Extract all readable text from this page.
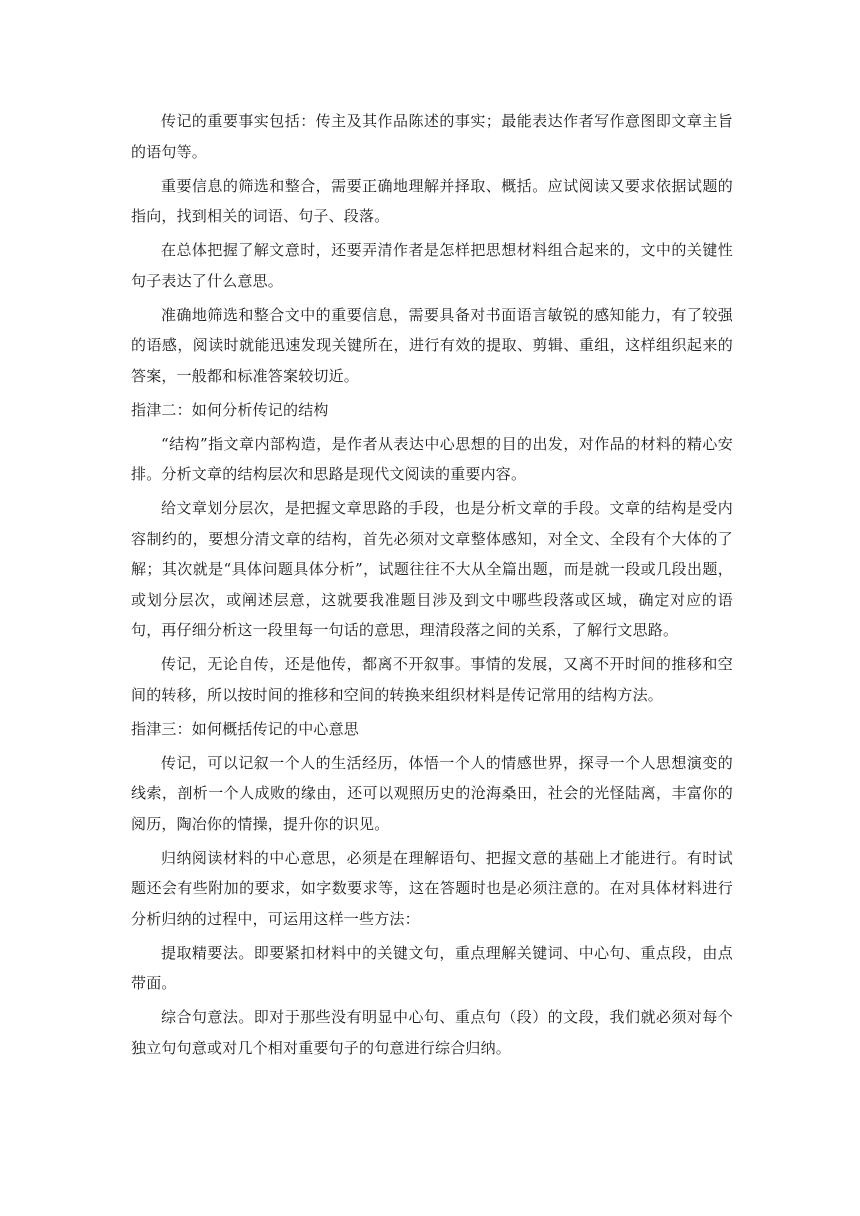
传记的重要事实包括：传主及其作品陈述的事实；最能表达作者写作意图即文章主旨的语句等。

重要信息的筛选和整合，需要正确地理解并择取、概括。应试阅读又要求依据试题的指向，找到相关的词语、句子、段落。

在总体把握了解文意时，还要弄清作者是怎样把思想材料组合起来的，文中的关键性句子表达了什么意思。

准确地筛选和整合文中的重要信息，需要具备对书面语言敏锐的感知能力，有了较强的语感，阅读时就能迅速发现关键所在，进行有效的提取、剪辑、重组，这样组织起来的答案，一般都和标准答案较切近。

指津二：如何分析传记的结构

“结构”指文章内部构造，是作者从表达中心思想的目的出发，对作品的材料的精心安排。分析文章的结构层次和思路是现代文阅读的重要内容。

给文章划分层次，是把握文章思路的手段，也是分析文章的手段。文章的结构是受内容制约的，要想分清文章的结构，首先必须对文章整体感知，对全文、全段有个大体的了解；其次就是“具体问题具体分析”，试题往往不大从全篇出题，而是就一段或几段出题，或划分层次，或阐述层意，这就要我准题目涉及到文中哪些段落或区域，确定对应的语句，再仔细分析这一段里每一句话的意思，理清段落之间的关系，了解行文思路。

传记，无论自传，还是他传，都离不开叙事。事情的发展，又离不开时间的推移和空间的转移，所以按时间的推移和空间的转换来组织材料是传记常用的结构方法。

指津三：如何概括传记的中心意思

传记，可以记叙一个人的生活经历，体悟一个人的情感世界，探寻一个人思想演变的线索，剖析一个人成败的缘由，还可以观照历史的沧海桑田，社会的光怪陆离，丰富你的阅历，陶冶你的情操，提升你的识见。

归纳阅读材料的中心意思，必须是在理解语句、把握文意的基础上才能进行。有时试题还会有些附加的要求，如字数要求等，这在答题时也是必须注意的。在对具体材料进行分析归纳的过程中，可运用这样一些方法：

提取精要法。即要紧扣材料中的关键文句，重点理解关键词、中心句、重点段，由点带面。

综合句意法。即对于那些没有明显中心句、重点句（段）的文段，我们就必须对每个独立句句意或对几个相对重要句子的句意进行综合归纳。
